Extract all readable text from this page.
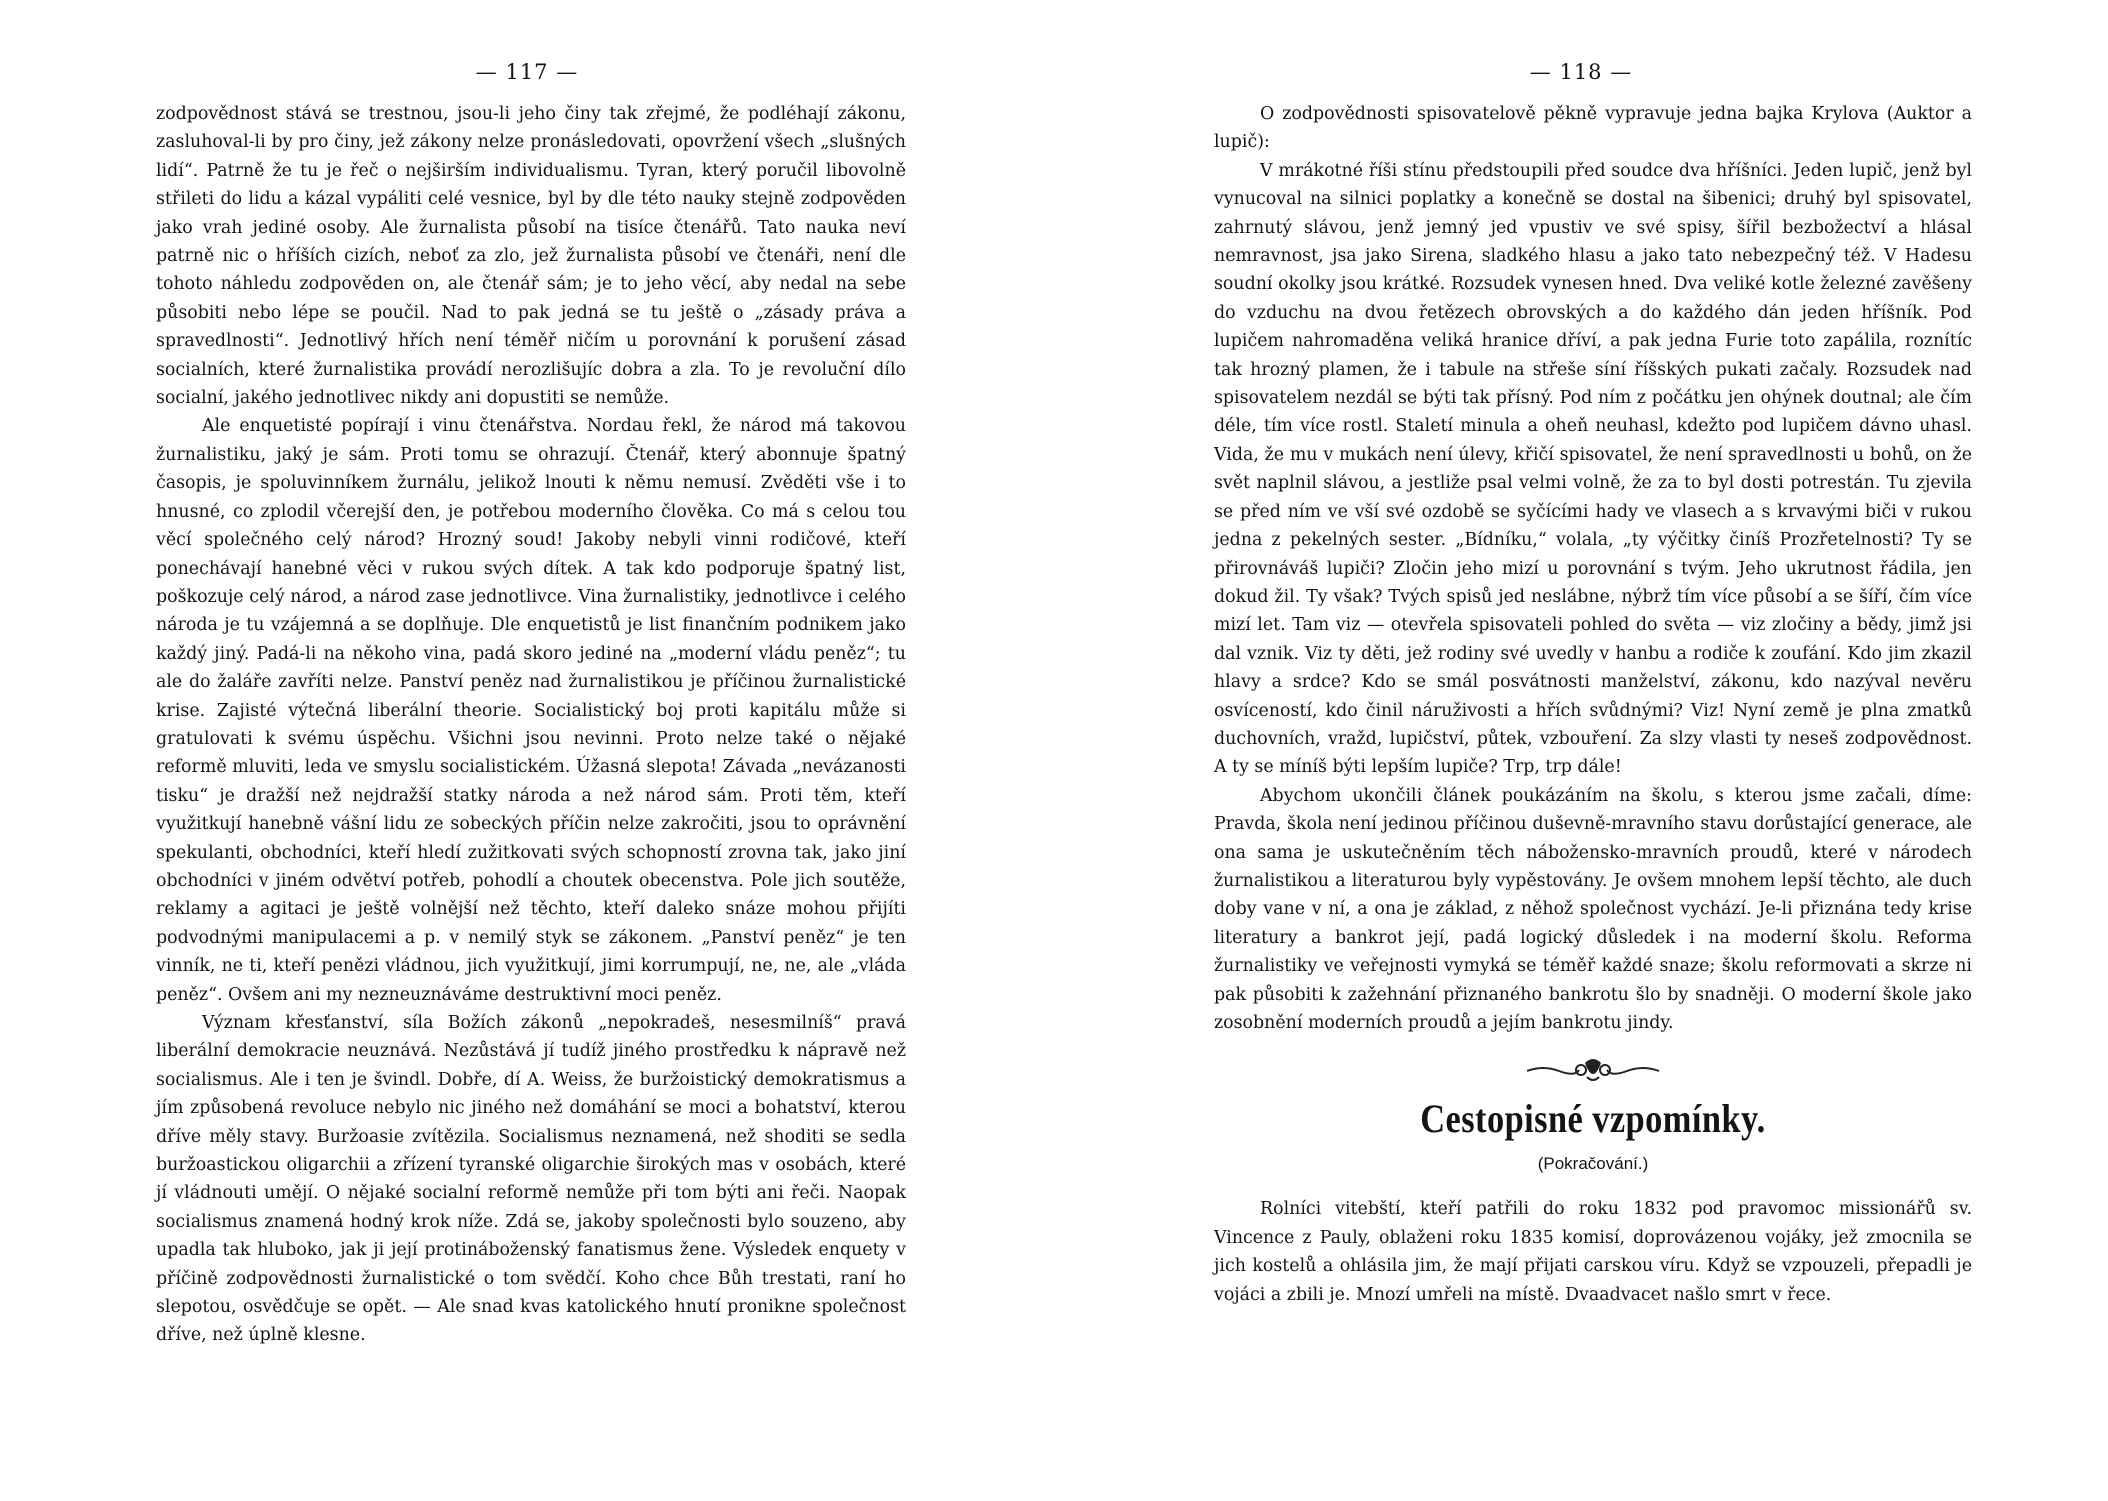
— 117 —

zodpovědnost stává se trestnou, jsou-li jeho činy tak zřejmé, že podléhají zákonu, zasluhoval-li by pro činy, jež zákony nelze pronásledovati, opovržení všech „slušných lidí“. Patrně že tu je řeč o nejširším individualismu. Tyran, který poručil libovolně střileti do lidu a kázal vypáliti celé vesnice, byl by dle této nauky stejně zodpověden jako vrah jediné osoby. Ale žurnalista působí na tisíce čtenářů. Tato nauka neví patrně nic o hříších cizích, neboť za zlo, jež žurnalista působí ve čtenáři, není dle tohoto náhledu zodpověden on, ale čtenář sám; je to jeho věcí, aby nedal na sebe působiti nebo lépe se poučil. Nad to pak jedná se tu ještě o „zásady práva a spravedlnosti“. Jednotlivý hřích není téměř ničím u porovnání k porušení zásad socialních, které žurnalistika provádí nerozlišujíc dobra a zla. To je revoluční dílo socialní, jakého jednotlivec nikdy ani dopustiti se nemůže.

Ale enquetisté popírají i vinu čtenářstva. Nordau řekl, že národ má takovou žurnalistiku, jaký je sám. Proti tomu se ohrazují. Čtenář, který abonnuje špatný časopis, je spoluvinníkem žurnálu, jelikož lnouti k němu nemusí. Zvěděti vše i to hnusné, co zplodil včerejší den, je potřebou moderního člověka. Co má s celou tou věcí společného celý národ? Hrozný soud! Jakoby nebyli vinni rodičové, kteří ponechávají hanebné věci v rukou svých dítek. A tak kdo podporuje špatný list, poškozuje celý národ, a národ zase jednotlivce. Vina žurnalistiky, jednotlivce i celého národa je tu vzájemná a se doplňuje. Dle enquetistů je list finančním podnikem jako každý jiný. Padá-li na někoho vina, padá skoro jediné na „moderní vládu peněz“; tu ale do žaláře zavříti nelze. Panství peněz nad žurnalistikou je příčinou žurnalistické krise. Zajisté výtečná liberální theorie. Socialistický boj proti kapitálu může si gratulovati k svému úspěchu. Všichni jsou nevinni. Proto nelze také o nějaké reformě mluviti, leda ve smyslu socialistickém. Úžasná slepota! Závada „nevázanosti tisku“ je dražší než nejdražší statky národa a než národ sám. Proti těm, kteří využitkují hanebně vášní lidu ze sobeckých příčin nelze zakročiti, jsou to oprávnění spekulanti, obchodníci, kteří hledí zužitkovati svých schopností zrovna tak, jako jiní obchodníci v jiném odvětví potřeb, pohodlí a choutek obecenstva. Pole jich soutěže, reklamy a agitaci je ještě volnější než těchto, kteří daleko snáze mohou přijíti podvodnými manipulacemi a p. v nemilý styk se zákonem. „Panství peněz“ je ten vinník, ne ti, kteří penězi vládnou, jich využitkují, jimi korrumpují, ne, ne, ale „vláda peněz“. Ovšem ani my nezneuznáváme destruktivní moci peněz.

Význam křesťanství, síla Božích zákonů „nepokradeš, nesesmilníš“ pravá liberální demokracie neuznává. Nezůstává jí tudíž jiného prostředku k nápravě než socialismus. Ale i ten je švindl. Dobře, dí A. Weiss, že buržoistický demokratismus a jím způsobená revoluce nebylo nic jiného než domáhání se moci a bohatství, kterou dříve měly stavy. Buržoasie zvítězila. Socialismus neznamená, než shoditi se sedla buržoastickou oligarchii a zřízení tyranské oligarchie širokých mas v osobách, které jí vládnouti umějí. O nějaké socialní reformě nemůže při tom býti ani řeči. Naopak socialismus znamená hodný krok níže. Zdá se, jakoby společnosti bylo souzeno, aby upadla tak hluboko, jak ji její protináboženský fanatismus žene. Výsledek enquety v příčině zodpovědnosti žurnalistické o tom svědčí. Koho chce Bůh trestati, raní ho slepotou, osvědčuje se opět. — Ale snad kvas katolického hnutí pronikne společnost dříve, než úplně klesne.

— 118 —

O zodpovědnosti spisovatelově pěkně vypravuje jedna bajka Krylova (Auktor a lupič):

V mrákotné říši stínu předstoupili před soudce dva hříšníci. Jeden lupič, jenž byl vynucoval na silnici poplatky a konečně se dostal na šibenici; druhý byl spisovatel, zahrnutý slávou, jenž jemný jed vpustiv ve své spisy, šířil bezbožectví a hlásal nemravnost, jsa jako Sirena, sladkého hlasu a jako tato nebezpečný též. V Hadesu soudní okolky jsou krátké. Rozsudek vynesen hned. Dva veliké kotle železné zavěšeny do vzduchu na dvou řetězech obrovských a do každého dán jeden hříšník. Pod lupičem nahromaděna veliká hranice dříví, a pak jedna Furie toto zapálila, roznítíc tak hrozný plamen, že i tabule na střeše síní říšských pukati začaly. Rozsudek nad spisovatelem nezdál se býti tak přísný. Pod ním z počátku jen ohýnek doutnal; ale čím déle, tím více rostl. Staletí minula a oheň neuhasl, kdežto pod lupičem dávno uhasl. Vida, že mu v mukách není úlevy, křičí spisovatel, že není spravedlnosti u bohů, on že svět naplnil slávou, a jestliže psal velmi volně, že za to byl dosti potrestán. Tu zjevila se před ním ve vší své ozdobě se syčícími hady ve vlasech a s krvavými biči v rukou jedna z pekelných sester. „Bídníku,“ volala, „ty výčitky činíš Prozřetelnosti? Ty se přirovnáváš lupiči? Zločin jeho mizí u porovnání s tvým. Jeho ukrutnost řádila, jen dokud žil. Ty však? Tvých spisů jed neslábne, nýbrž tím více působí a se šíří, čím více mizí let. Tam viz — otevřela spisovateli pohled do světa — viz zločiny a bědy, jimž jsi dal vznik. Viz ty děti, jež rodiny své uvedly v hanbu a rodiče k zoufání. Kdo jim zkazil hlavy a srdce? Kdo se smál posvátnosti manželství, zákonu, kdo nazýval nevěru osvíceností, kdo činil náruživosti a hřích svůdnými? Viz! Nyní země je plna zmatků duchovních, vražd, lupičství, půtek, vzbouření. Za slzy vlasti ty neseš zodpovědnost. A ty se míníš býti lepším lupiče? Trp, trp dále!

Abychom ukončili článek poukázáním na školu, s kterou jsme začali, díme: Pravda, škola není jedinou příčinou duševně-mravního stavu dorůstající generace, ale ona sama je uskutečněním těch nábožensko-mravních proudů, které v národech žurnalistikou a literaturou byly vypěstovány. Je ovšem mnohem lepší těchto, ale duch doby vane v ní, a ona je základ, z něhož společnost vychází. Je-li přiznána tedy krise literatury a bankrot její, padá logický důsledek i na moderní školu. Reforma žurnalistiky ve veřejnosti vymyká se téměř každé snaze; školu reformovati a skrze ni pak působiti k zažehnání přiznaného bankrotu šlo by snadněji. O moderní škole jako zosobnění moderních proudů a jejím bankrotu jindy.

Cestopisné vzpomínky.
(Pokračování.)

Rolníci vitebští, kteří patřili do roku 1832 pod pravomoc missionářů sv. Vincence z Pauly, oblaženi roku 1835 komisí, doprovázenou vojáky, jež zmocnila se jich kostelů a ohlásila jim, že mají přijati carskou víru. Když se vzpouzeli, přepadli je vojáci a zbili je. Mnozí umřeli na místě. Dvaadvacet našlo smrt v řece.
